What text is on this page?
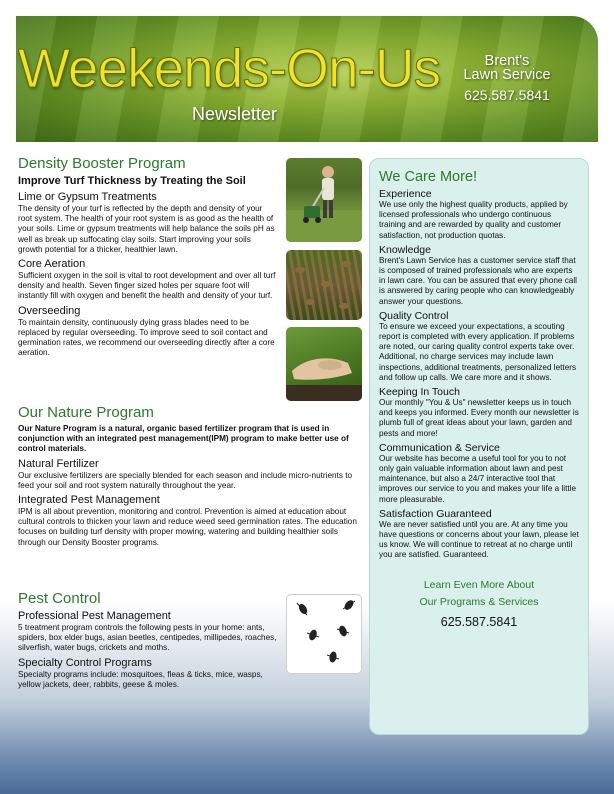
Weekends-On-Us
Newsletter
Brent's
Lawn Service
625.587.5841
Density Booster Program
Improve Turf Thickness by Treating the Soil
Lime or Gypsum Treatments

The density of your turf is reflected by the depth and density of your root system. The health of your root system is as good as the health of your soils. Lime or gypsum treatments will help balance the soils pH as well as break up suffocating clay soils. Start improving your soils growth potential for a thicker, healthier lawn.

Core Aeration

Sufficient oxygen in the soil is vital to root development and over all turf density and health. Seven finger sized holes per square foot will instantly fill with oxygen and benefit the health and density of your turf.

Overseeding

To maintain density, continuously dying grass blades need to be replaced by regular overseeding. To improve seed to soil contact and germination rates, we recommend our overseeding directly after a core aeration.

Our Nature Program

Our Nature Program is a natural, organic based fertilizer program that is used in conjunction with an integrated pest management(IPM) program to make better use of control materials.

Natural Fertilizer

Our exclusive fertilizers are specially blended for each season and include micro-nutrients to feed your soil and root system naturally throughout the year.

Integrated Pest Management

IPM is all about prevention, monitoring and control. Prevention is aimed at education about cultural controls to thicken your lawn and reduce weed seed germination rates. The education focuses on building turf density with proper mowing, watering and building healthier soils through our Density Booster programs.

Pest Control
Professional Pest Management

5 treatment program controls the following pests in your home: ants, spiders, box elder bugs, asian beetles, centipedes, millipedes, roaches, silverfish, water bugs, crickets and moths.

Specialty Control Programs

Specialty programs include: mosquitoes, fleas & ticks, mice, wasps, yellow jackets, deer, rabbits, geese & moles.

We Care More!
Experience

We use only the highest quality products, applied by licensed professionals who undergo continuous training and are rewarded by quality and customer satisfaction, not production quotas.

Knowledge

Brent's Lawn Service has a customer service staff that is composed of trained professionals who are experts in lawn care. You can be assured that every phone call is answered by caring people who can knowledgeably answer your questions.

Quality Control

To ensure we exceed your expectations, a scouting report is completed with every application. If problems are noted, our caring quality control experts take over. Additional, no charge services may include lawn inspections, additional treatments, personalized letters and follow up calls. We care more and it shows.

Keeping In Touch

Our monthly "You & Us" newsletter keeps us in touch and keeps you informed. Every month our newsletter is plumb full of great ideas about your lawn, garden and pests and more!

Communication & Service

Our website has become a useful tool for you to not only gain valuable information about lawn and pest maintenance, but also a 24/7 interactive tool that improves our service to you and makes your life a little more pleasurable.

Satisfaction Guaranteed

We are never satisfied until you are. At any time you have questions or concerns about your lawn, please let us know. We will continue to retreat at no charge until you are satisfied. Guaranteed.

Learn Even More About
Our Programs & Services
625.587.5841
